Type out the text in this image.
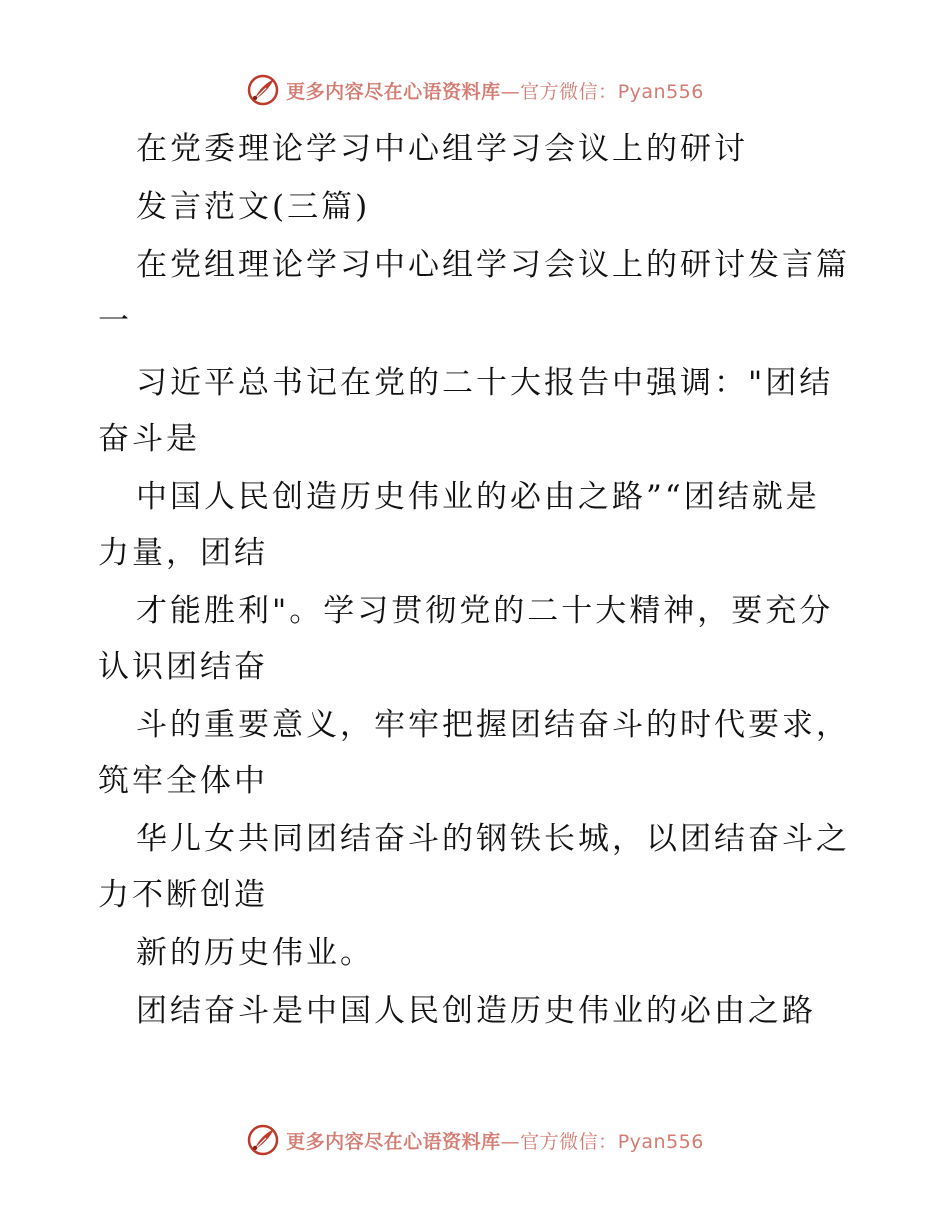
更多内容尽在心语资料库—官方微信：Pyan556
在党委理论学习中心组学习会议上的研讨
发言范文(三篇)
在党组理论学习中心组学习会议上的研讨发言篇
一
习近平总书记在党的二十大报告中强调："团结
奋斗是
中国人民创造历史伟业的必由之路”“团结就是
力量，团结
才能胜利"。学习贯彻党的二十大精神，要充分
认识团结奋
斗的重要意义，牢牢把握团结奋斗的时代要求，
筑牢全体中
华儿女共同团结奋斗的钢铁长城，以团结奋斗之
力不断创造
新的历史伟业。
团结奋斗是中国人民创造历史伟业的必由之路
更多内容尽在心语资料库—官方微信：Pyan556
